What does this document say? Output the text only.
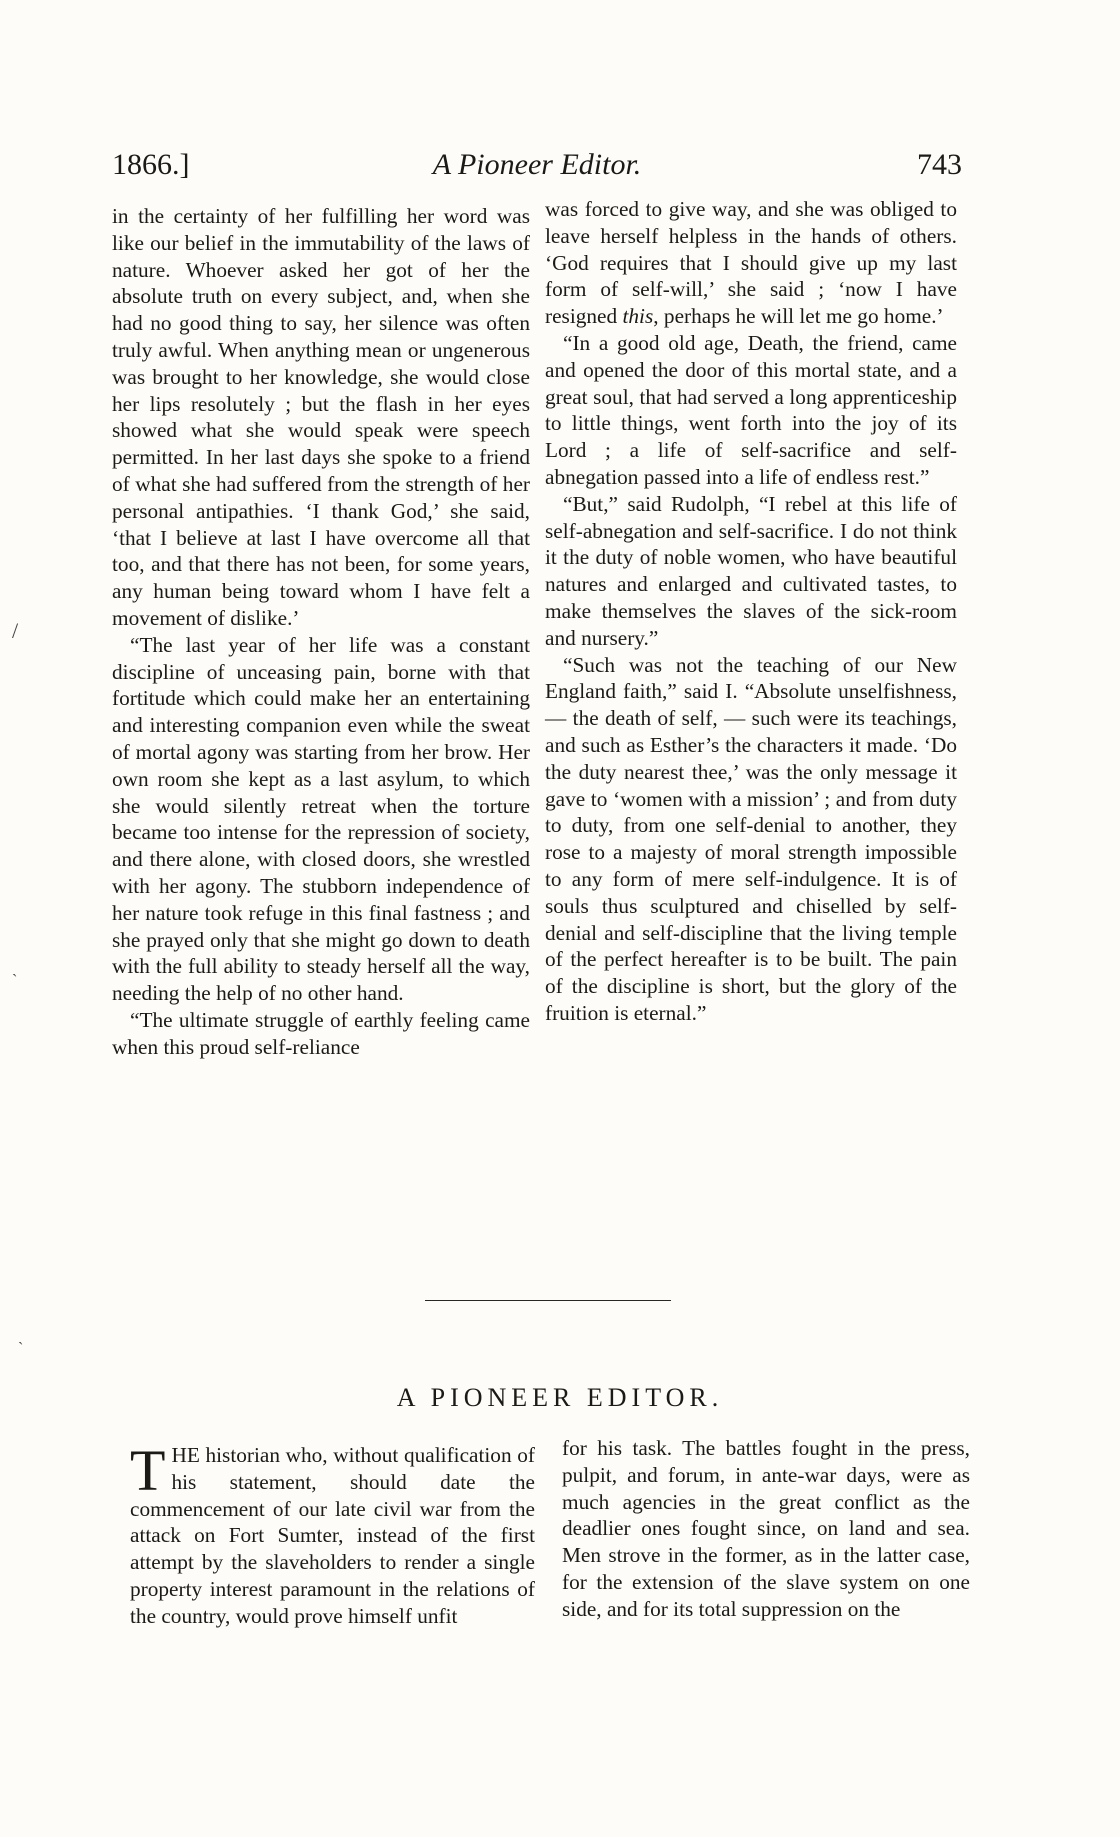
1866.]	A Pioneer Editor.	743

in the certainty of her fulfilling her word was like our belief in the immutability of the laws of nature. Whoever asked her got of her the absolute truth on every subject, and, when she had no good thing to say, her silence was often truly awful. When anything mean or ungenerous was brought to her knowledge, she would close her lips resolutely ; but the flash in her eyes showed what she would speak were speech permitted. In her last days she spoke to a friend of what she had suffered from the strength of her personal antipathies. ‘I thank God,’ she said, ‘that I believe at last I have overcome all that too, and that there has not been, for some years, any human being toward whom I have felt a movement of dislike.’

“The last year of her life was a constant discipline of unceasing pain, borne with that fortitude which could make her an entertaining and interesting companion even while the sweat of mortal agony was starting from her brow. Her own room she kept as a last asylum, to which she would silently retreat when the torture became too intense for the repression of society, and there alone, with closed doors, she wrestled with her agony. The stubborn independence of her nature took refuge in this final fastness ; and she prayed only that she might go down to death with the full ability to steady herself all the way, needing the help of no other hand.

“The ultimate struggle of earthly feeling came when this proud self-reliance

was forced to give way, and she was obliged to leave herself helpless in the hands of others. ‘God requires that I should give up my last form of self-will,’ she said ; ‘now I have resigned this, perhaps he will let me go home.’

“In a good old age, Death, the friend, came and opened the door of this mortal state, and a great soul, that had served a long apprenticeship to little things, went forth into the joy of its Lord ; a life of self-sacrifice and self-abnegation passed into a life of endless rest.”

“But,” said Rudolph, “I rebel at this life of self-abnegation and self-sacrifice. I do not think it the duty of noble women, who have beautiful natures and enlarged and cultivated tastes, to make themselves the slaves of the sick-room and nursery.”

“Such was not the teaching of our New England faith,” said I. “Absolute unselfishness, — the death of self, — such were its teachings, and such as Esther’s the characters it made. ‘Do the duty nearest thee,’ was the only message it gave to ‘women with a mission’ ; and from duty to duty, from one self-denial to another, they rose to a majesty of moral strength impossible to any form of mere self-indulgence. It is of souls thus sculptured and chiselled by self-denial and self-discipline that the living temple of the perfect hereafter is to be built. The pain of the discipline is short, but the glory of the fruition is eternal.”

/
`
`
A PIONEER EDITOR.

THE historian who, without qualification of his statement, should date the commencement of our late civil war from the attack on Fort Sumter, instead of the first attempt by the slaveholders to render a single property interest paramount in the relations of the country, would prove himself unfit

for his task. The battles fought in the press, pulpit, and forum, in ante-war days, were as much agencies in the great conflict as the deadlier ones fought since, on land and sea. Men strove in the former, as in the latter case, for the extension of the slave system on one side, and for its total suppression on the
